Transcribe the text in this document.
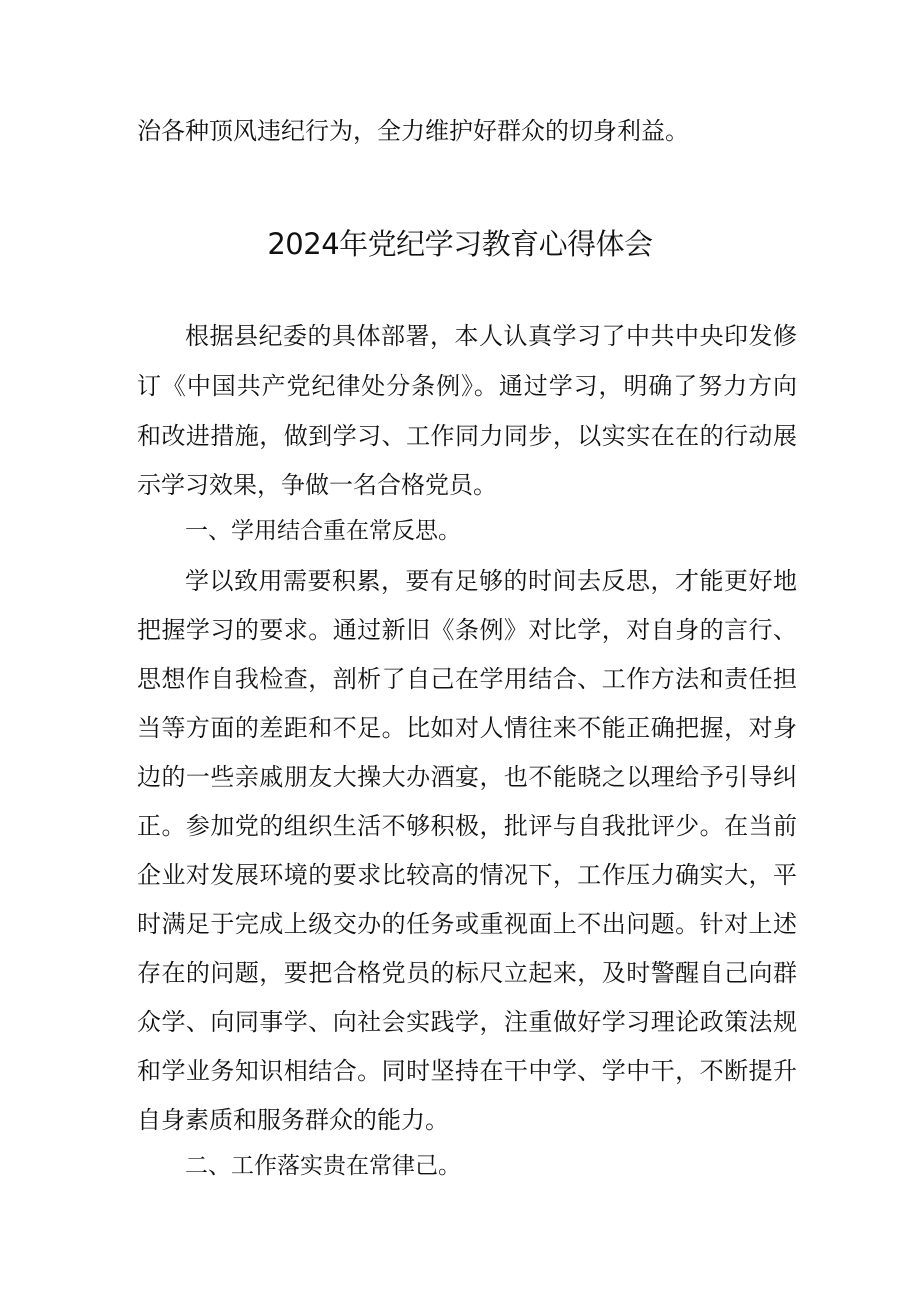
治各种顶风违纪行为，全力维护好群众的切身利益。
2024年党纪学习教育心得体会
根据县纪委的具体部署，本人认真学习了中共中央印发修
订《中国共产党纪律处分条例》。通过学习，明确了努力方向
和改进措施，做到学习、工作同力同步，以实实在在的行动展
示学习效果，争做一名合格党员。
一、学用结合重在常反思。
学以致用需要积累，要有足够的时间去反思，才能更好地
把握学习的要求。通过新旧《条例》对比学，对自身的言行、
思想作自我检查，剖析了自己在学用结合、工作方法和责任担
当等方面的差距和不足。比如对人情往来不能正确把握，对身
边的一些亲戚朋友大操大办酒宴，也不能晓之以理给予引导纠
正。参加党的组织生活不够积极，批评与自我批评少。在当前
企业对发展环境的要求比较高的情况下，工作压力确实大，平
时满足于完成上级交办的任务或重视面上不出问题。针对上述
存在的问题，要把合格党员的标尺立起来，及时警醒自己向群
众学、向同事学、向社会实践学，注重做好学习理论政策法规
和学业务知识相结合。同时坚持在干中学、学中干，不断提升
自身素质和服务群众的能力。
二、工作落实贵在常律己。
